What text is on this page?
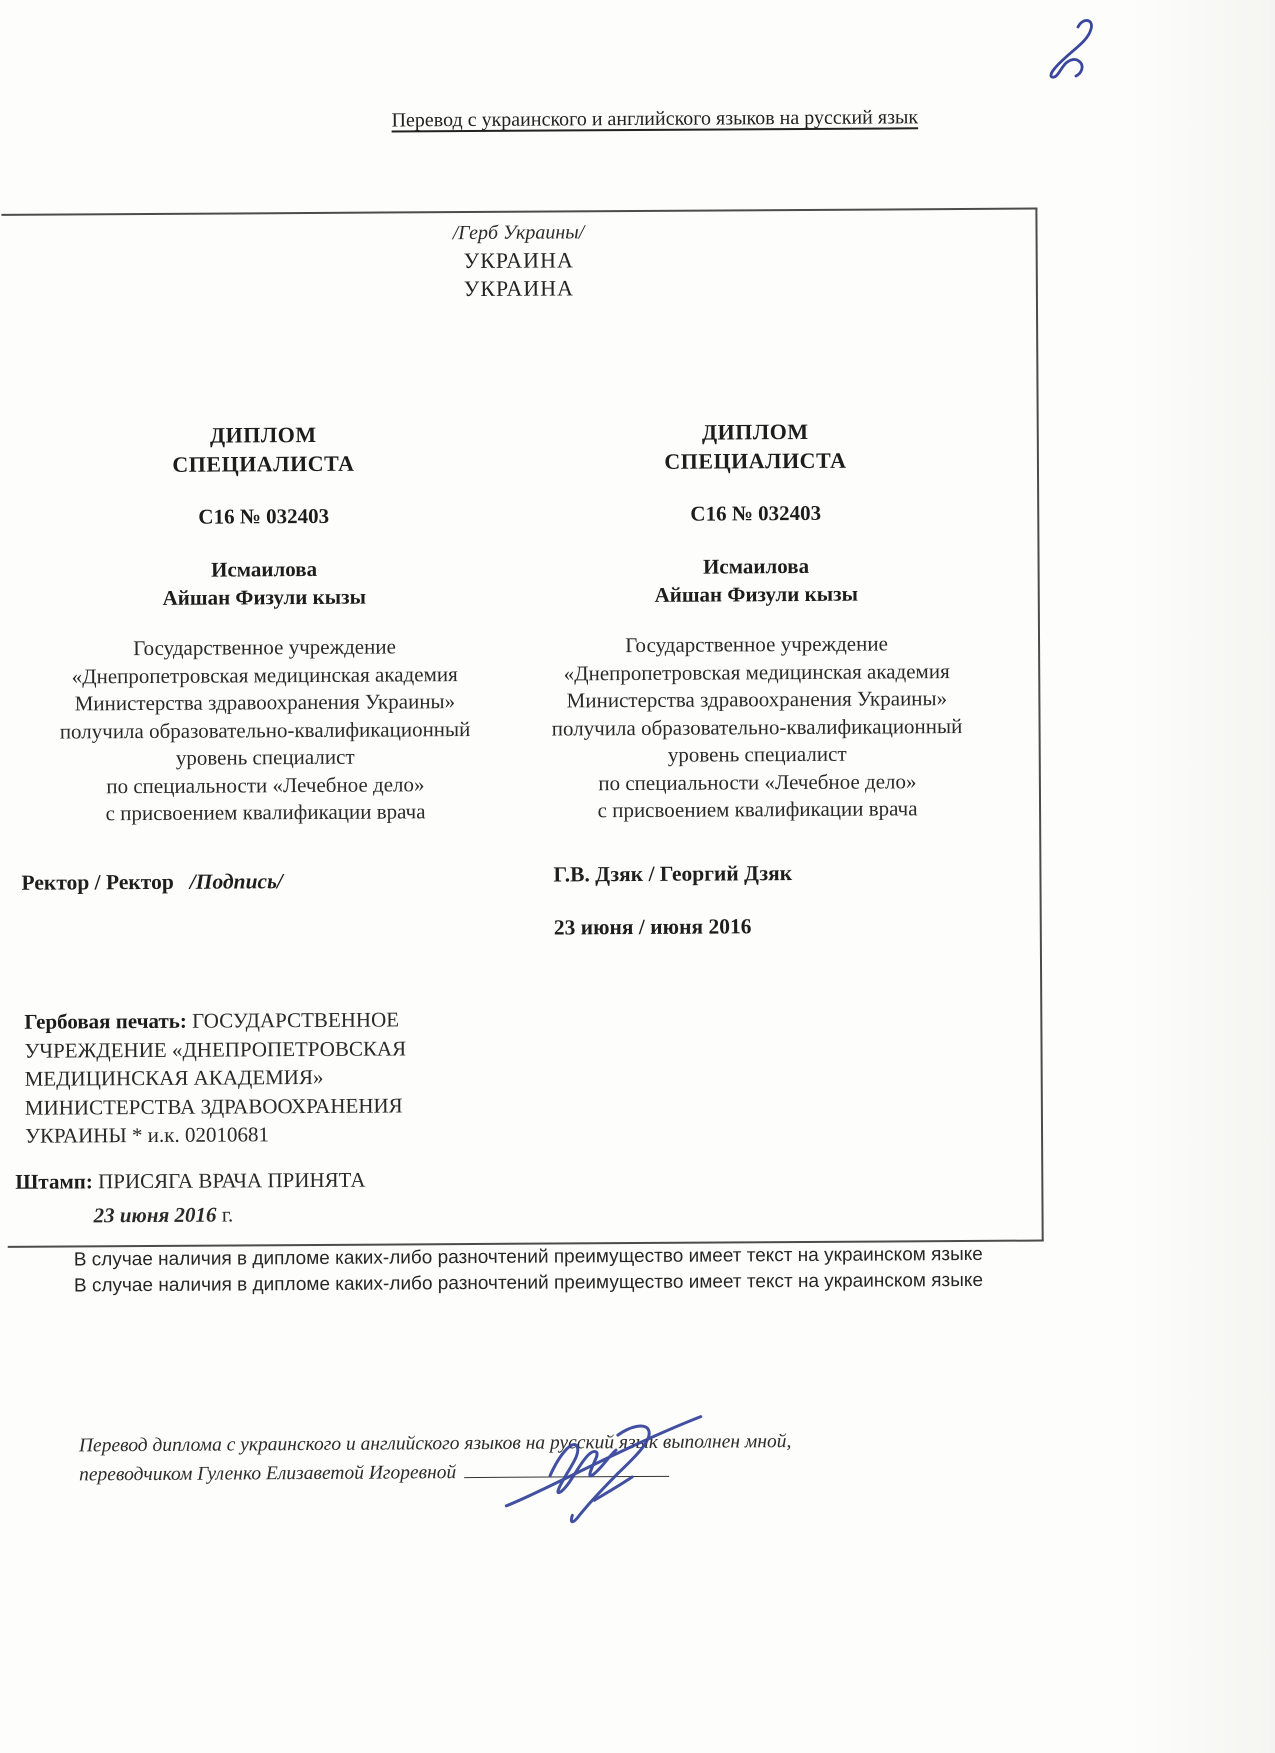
Перевод с украинского и английского языков на русский язык
/Герб Украины/
УКРАИНА
УКРАИНА
ДИПЛОМ
СПЕЦИАЛИСТА
С16 № 032403
Исмаилова
Айшан Физули кызы
Государственное учреждение
«Днепропетровская медицинская академия
Министерства здравоохранения Украины»
получила образовательно-квалификационный
уровень специалист
по специальности «Лечебное дело»
с присвоением квалификации врача
ДИПЛОМ
СПЕЦИАЛИСТА
С16 № 032403
Исмаилова
Айшан Физули кызы
Государственное учреждение
«Днепропетровская медицинская академия
Министерства здравоохранения Украины»
получила образовательно-квалификационный
уровень специалист
по специальности «Лечебное дело»
с присвоением квалификации врача
Ректор / Ректор /Подпись/	Г.В. Дзяк / Георгий Дзяк
23 июня / июня 2016
Гербовая печать: ГОСУДАРСТВЕННОЕ
УЧРЕЖДЕНИЕ «ДНЕПРОПЕТРОВСКАЯ
МЕДИЦИНСКАЯ АКАДЕМИЯ»
МИНИСТЕРСТВА ЗДРАВООХРАНЕНИЯ
УКРАИНЫ * и.к. 02010681
Штамп: ПРИСЯГА ВРАЧА ПРИНЯТА
23 июня 2016 г.
В случае наличия в дипломе каких-либо разночтений преимущество имеет текст на украинском языке
В случае наличия в дипломе каких-либо разночтений преимущество имеет текст на украинском языке
Перевод диплома с украинского и английского языков на русский язык выполнен мной,
переводчиком Гуленко Елизаветой Игоревной
